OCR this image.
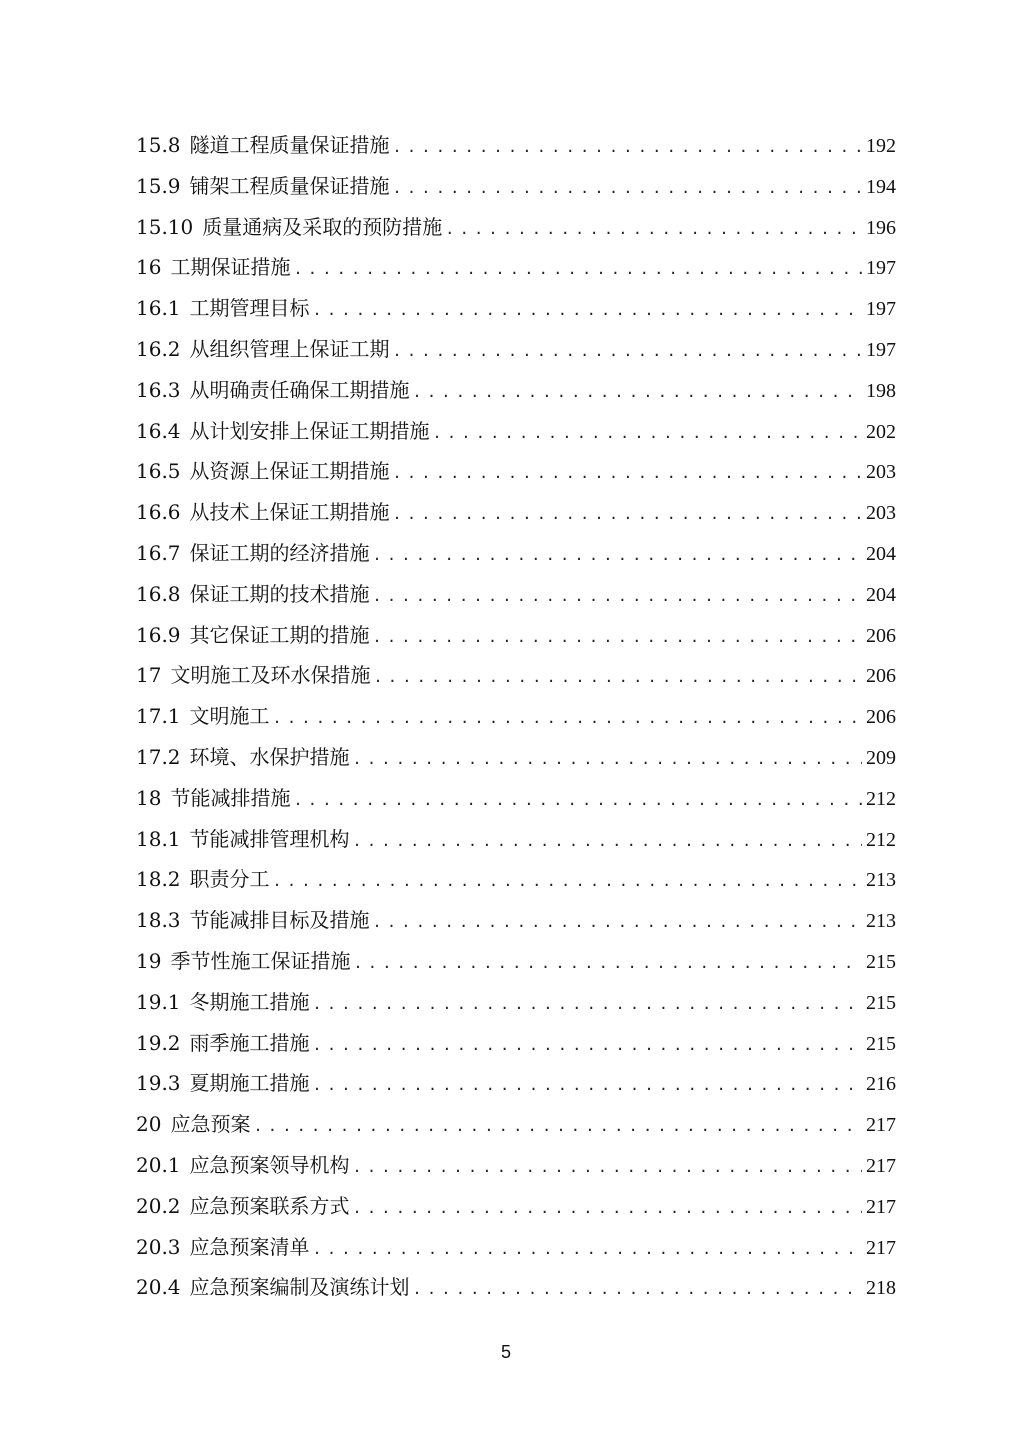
15.8 隧道工程质量保证措施 .....	192
15.9 铺架工程质量保证措施 .....	194
15.10 质量通病及采取的预防措施 .....	196
16 工期保证措施 .....	197
16.1 工期管理目标 .....	197
16.2 从组织管理上保证工期 .....	197
16.3 从明确责任确保工期措施 .....	198
16.4 从计划安排上保证工期措施 .....	202
16.5 从资源上保证工期措施 .....	203
16.6 从技术上保证工期措施 .....	203
16.7 保证工期的经济措施 .....	204
16.8 保证工期的技术措施 .....	204
16.9 其它保证工期的措施 .....	206
17 文明施工及环水保措施 .....	206
17.1 文明施工 .....	206
17.2 环境、水保护措施 .....	209
18 节能减排措施 .....	212
18.1 节能减排管理机构 .....	212
18.2 职责分工 .....	213
18.3 节能减排目标及措施 .....	213
19 季节性施工保证措施 .....	215
19.1 冬期施工措施 .....	215
19.2 雨季施工措施 .....	215
19.3 夏期施工措施 .....	216
20 应急预案 .....	217
20.1 应急预案领导机构 .....	217
20.2 应急预案联系方式 .....	217
20.3 应急预案清单 .....	217
20.4 应急预案编制及演练计划 .....	218
5
